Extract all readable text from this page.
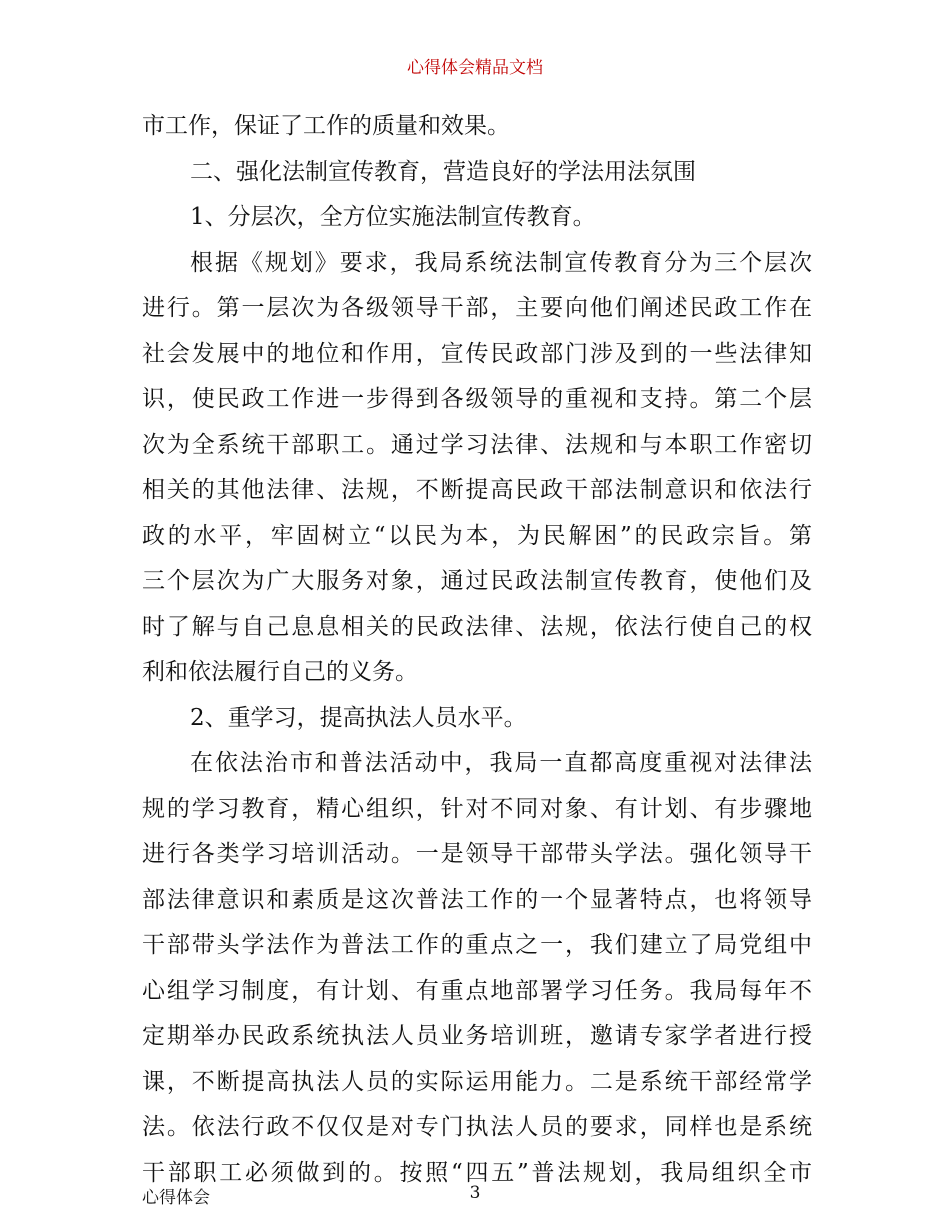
心得体会精品文档
市工作，保证了工作的质量和效果。
二、强化法制宣传教育，营造良好的学法用法氛围
1、分层次，全方位实施法制宣传教育。
根据《规划》要求，我局系统法制宣传教育分为三个层次
进行。第一层次为各级领导干部，主要向他们阐述民政工作在
社会发展中的地位和作用，宣传民政部门涉及到的一些法律知
识，使民政工作进一步得到各级领导的重视和支持。第二个层
次为全系统干部职工。通过学习法律、法规和与本职工作密切
相关的其他法律、法规，不断提高民政干部法制意识和依法行
政的水平，牢固树立“以民为本，为民解困”的民政宗旨。第
三个层次为广大服务对象，通过民政法制宣传教育，使他们及
时了解与自己息息相关的民政法律、法规，依法行使自己的权
利和依法履行自己的义务。
2、重学习，提高执法人员水平。
在依法治市和普法活动中，我局一直都高度重视对法律法
规的学习教育，精心组织，针对不同对象、有计划、有步骤地
进行各类学习培训活动。一是领导干部带头学法。强化领导干
部法律意识和素质是这次普法工作的一个显著特点，也将领导
干部带头学法作为普法工作的重点之一，我们建立了局党组中
心组学习制度，有计划、有重点地部署学习任务。我局每年不
定期举办民政系统执法人员业务培训班，邀请专家学者进行授
课，不断提高执法人员的实际运用能力。二是系统干部经常学
法。依法行政不仅仅是对专门执法人员的要求，同样也是系统
干部职工必须做到的。按照“四五”普法规划，我局组织全市
心得体会	3
